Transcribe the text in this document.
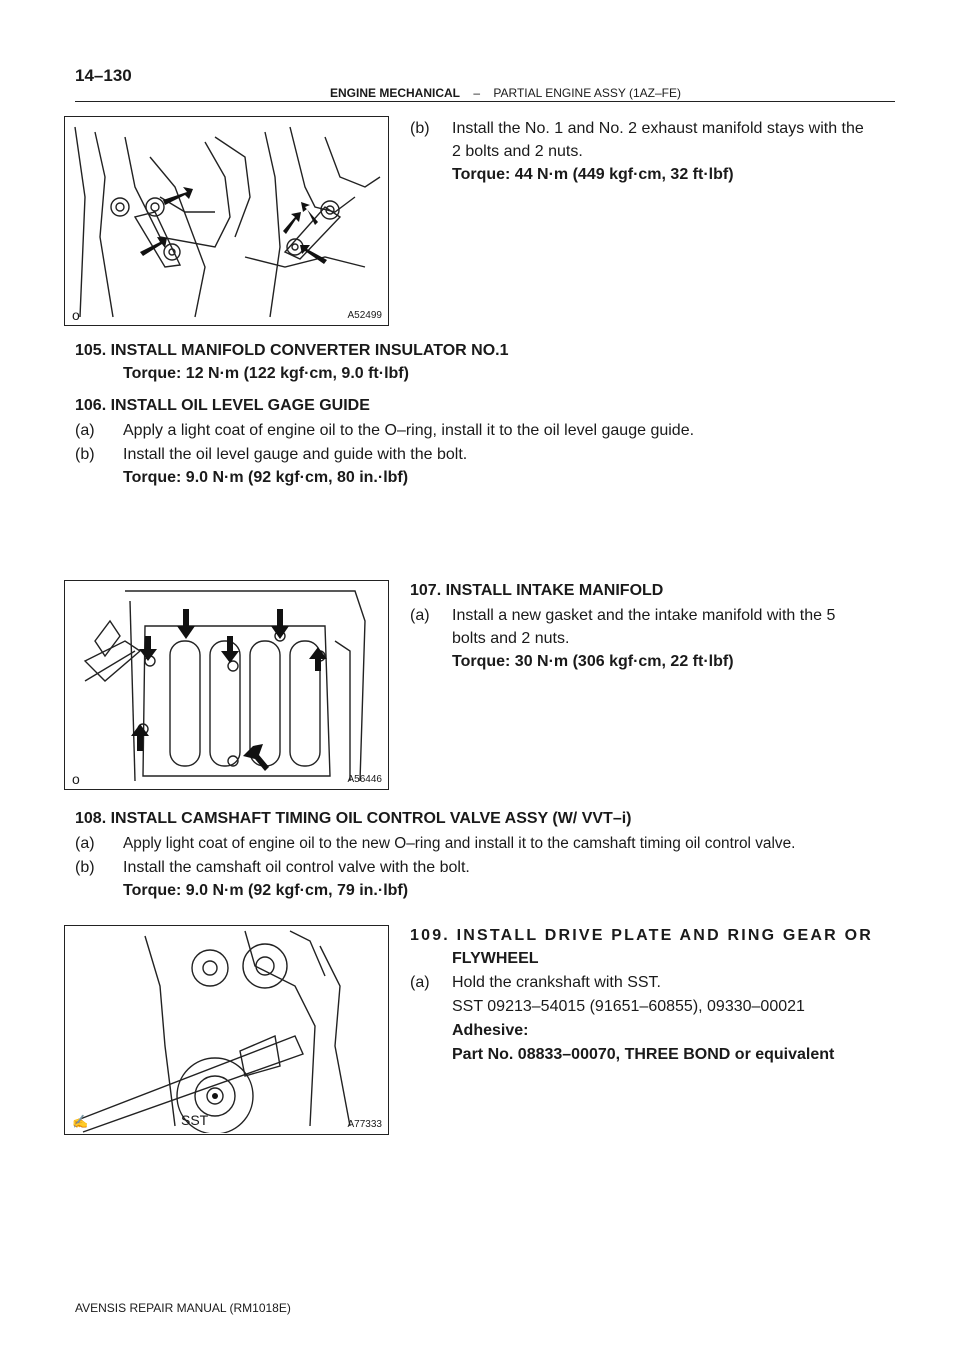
14–130
ENGINE MECHANICAL – PARTIAL ENGINE ASSY (1AZ–FE)
o	A52499
(b) Install the No. 1 and No. 2 exhaust manifold stays with the
2 bolts and 2 nuts.
Torque: 44 N·m (449 kgf·cm, 32 ft·lbf)
105. INSTALL MANIFOLD CONVERTER INSULATOR NO.1
Torque: 12 N·m (122 kgf·cm, 9.0 ft·lbf)
106. INSTALL OIL LEVEL GAGE GUIDE
(a) Apply a light coat of engine oil to the O–ring, install it to the oil level gauge guide.
(b) Install the oil level gauge and guide with the bolt.
Torque: 9.0 N·m (92 kgf·cm, 80 in.·lbf)
o	A56446
107. INSTALL INTAKE MANIFOLD
(a) Install a new gasket and the intake manifold with the 5
bolts and 2 nuts.
Torque: 30 N·m (306 kgf·cm, 22 ft·lbf)
108. INSTALL CAMSHAFT TIMING OIL CONTROL VALVE ASSY (W/ VVT–i)
(a) Apply light coat of engine oil to the new O–ring and install it to the camshaft timing oil control valve.
(b) Install the camshaft oil control valve with the bolt.
Torque: 9.0 N·m (92 kgf·cm, 79 in.·lbf)
✍	SST	A77333
109. INSTALL DRIVE PLATE AND RING GEAR OR
FLYWHEEL
(a) Hold the crankshaft with SST.
SST 09213–54015 (91651–60855), 09330–00021
Adhesive:
Part No. 08833–00070, THREE BOND or equivalent
AVENSIS REPAIR MANUAL (RM1018E)
